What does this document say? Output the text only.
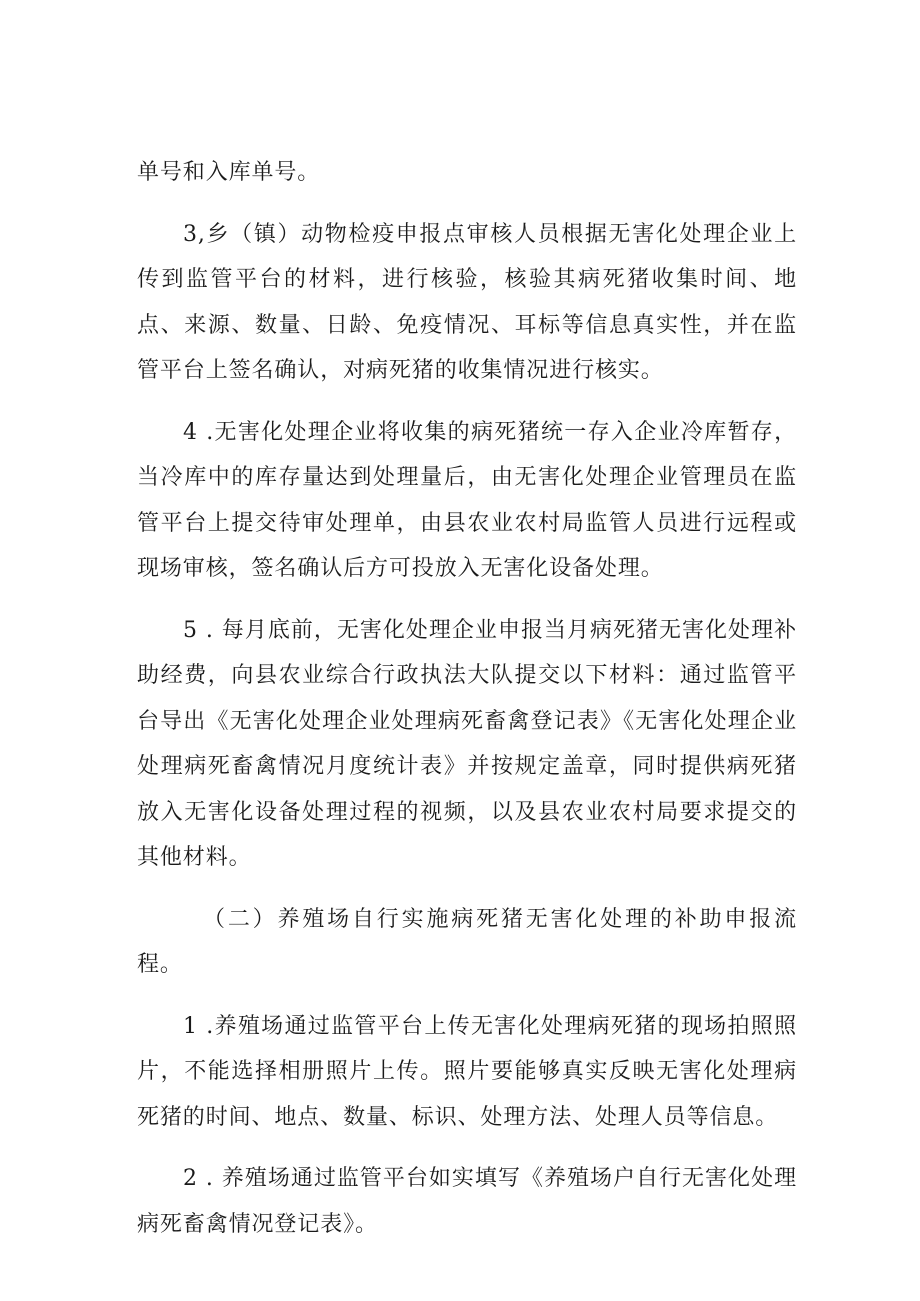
单号和入库单号。

3,乡（镇）动物检疫申报点审核人员根据无害化处理企业上传到监管平台的材料，进行核验，核验其病死猪收集时间、地点、来源、数量、日龄、免疫情况、耳标等信息真实性，并在监管平台上签名确认，对病死猪的收集情况进行核实。

4 .无害化处理企业将收集的病死猪统一存入企业冷库暂存，当冷库中的库存量达到处理量后，由无害化处理企业管理员在监管平台上提交待审处理单，由县农业农村局监管人员进行远程或现场审核，签名确认后方可投放入无害化设备处理。

5 . 每月底前，无害化处理企业申报当月病死猪无害化处理补助经费，向县农业综合行政执法大队提交以下材料：通过监管平台导出《无害化处理企业处理病死畜禽登记表》《无害化处理企业处理病死畜禽情况月度统计表》并按规定盖章，同时提供病死猪放入无害化设备处理过程的视频，以及县农业农村局要求提交的其他材料。

（二）养殖场自行实施病死猪无害化处理的补助申报流程。

1 .养殖场通过监管平台上传无害化处理病死猪的现场拍照照片，不能选择相册照片上传。照片要能够真实反映无害化处理病死猪的时间、地点、数量、标识、处理方法、处理人员等信息。

2 . 养殖场通过监管平台如实填写《养殖场户自行无害化处理病死畜禽情况登记表》。
